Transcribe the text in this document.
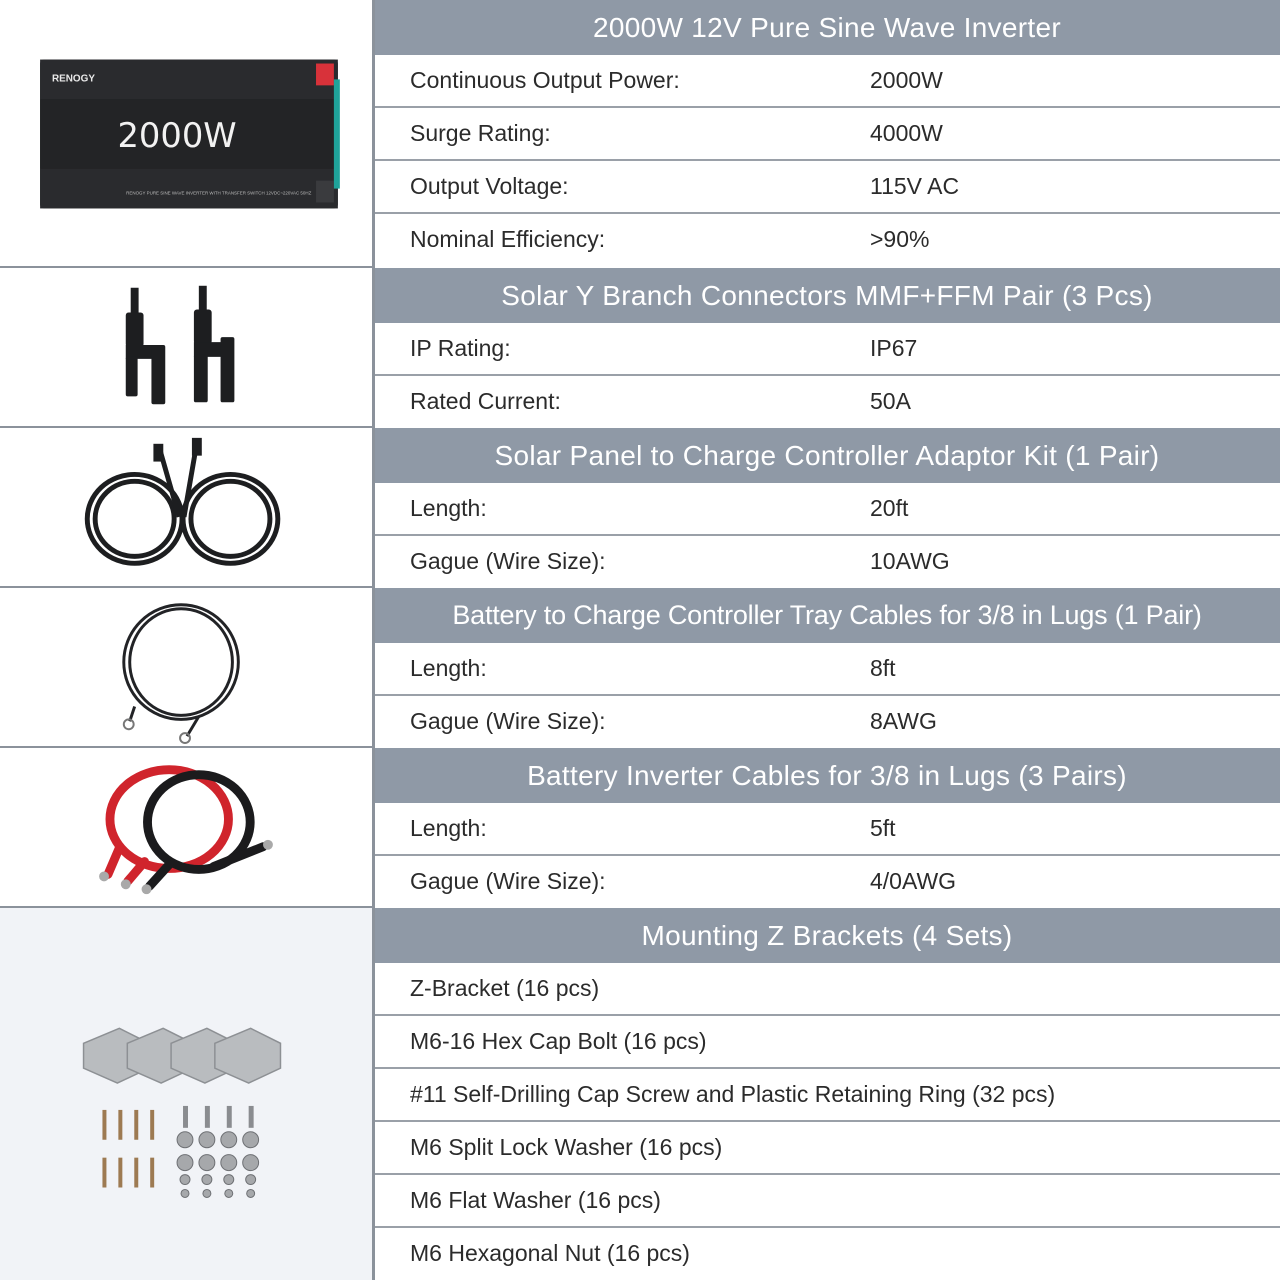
RENOGY
2000W
RENOGY PURE SINE WAVE INVERTER WITH TRANSFER SWITCH 12VDC~220VAC 50HZ
2000W 12V Pure Sine Wave Inverter
Continuous Output Power:	2000W
Surge Rating:	4000W
Output Voltage:	115V AC
Nominal Efficiency:	>90%
Solar Y Branch Connectors MMF+FFM Pair (3 Pcs)
IP Rating:	IP67
Rated Current:	50A
Solar Panel to Charge Controller Adaptor Kit (1 Pair)
Length:	20ft
Gague (Wire Size):	10AWG
Battery to Charge Controller Tray Cables for 3/8 in Lugs (1 Pair)
Length:	8ft
Gague (Wire Size):	8AWG
Battery Inverter Cables for 3/8 in Lugs (3 Pairs)
Length:	5ft
Gague (Wire Size):	4/0AWG
Mounting Z Brackets (4 Sets)
Z-Bracket (16 pcs)
M6-16 Hex Cap Bolt (16 pcs)
#11 Self-Drilling Cap Screw and Plastic Retaining Ring (32 pcs)
M6 Split Lock Washer (16 pcs)
M6 Flat Washer (16 pcs)
M6 Hexagonal Nut (16 pcs)
